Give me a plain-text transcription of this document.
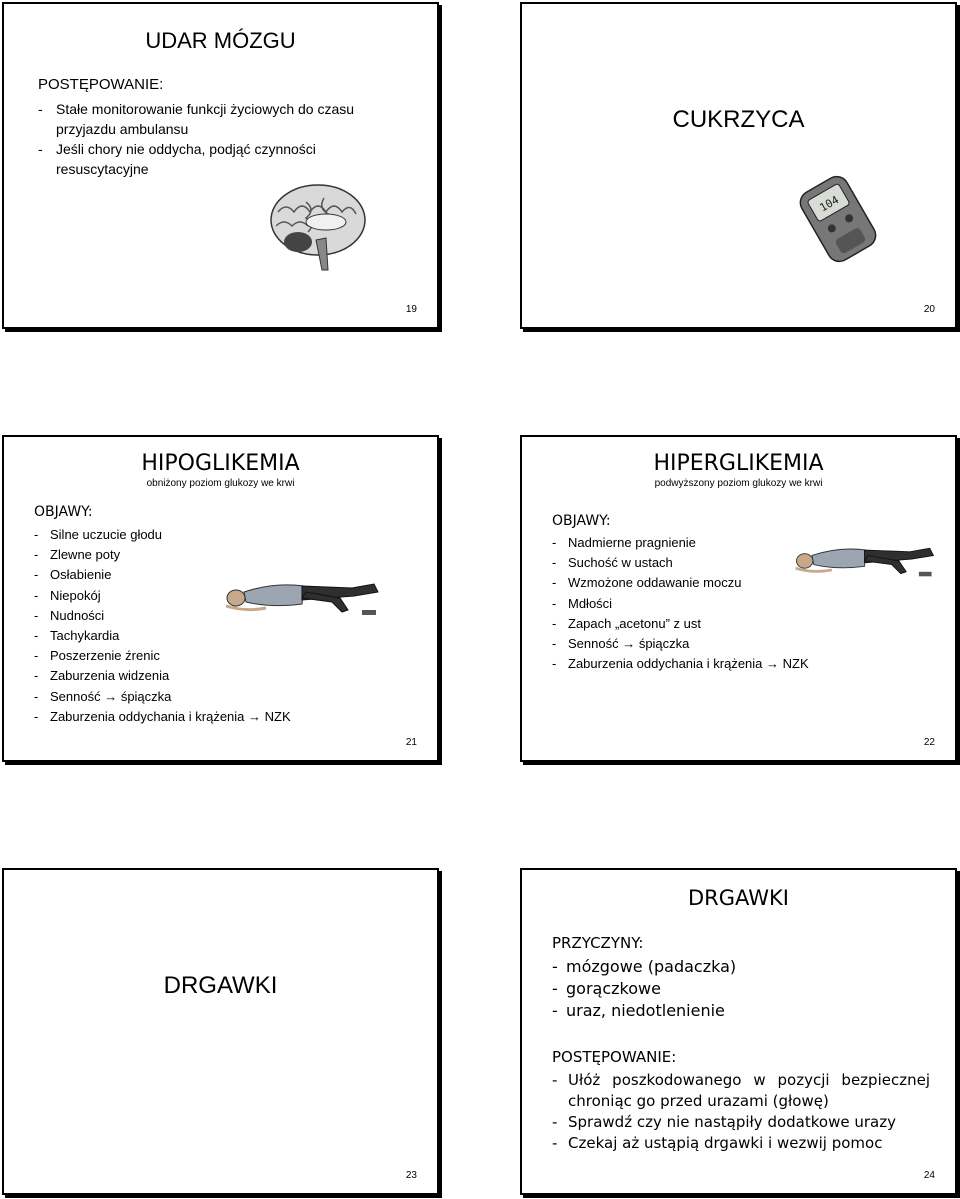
UDAR MÓZGU
POSTĘPOWANIE:
- Stałe monitorowanie funkcji życiowych do czasu przyjazdu ambulansu
- Jeśli chory nie oddycha, podjąć czynności resuscytacyjne
19
CUKRZYCA
104
20
HIPOGLIKEMIA
obniżony poziom glukozy we krwi
OBJAWY:
- Silne uczucie głodu
- Zlewne poty
- Osłabienie
- Niepokój
- Nudności
- Tachykardia
- Poszerzenie źrenic
- Zaburzenia widzenia
- Senność → śpiączka
- Zaburzenia oddychania i krążenia → NZK
21
HIPERGLIKEMIA
podwyższony poziom glukozy we krwi
OBJAWY:
- Nadmierne pragnienie
- Suchość w ustach
- Wzmożone oddawanie moczu
- Mdłości
- Zapach „acetonu” z ust
- Senność → śpiączka
- Zaburzenia oddychania i krążenia → NZK
22
DRGAWKI
23
DRGAWKI
PRZYCZYNY:
- mózgowe (padaczka)
- gorączkowe
- uraz, niedotlenienie
POSTĘPOWANIE:
- Ułóż poszkodowanego w pozycji bezpiecznej chroniąc go przed urazami (głowę)
- Sprawdź czy nie nastąpiły dodatkowe urazy
- Czekaj aż ustąpią drgawki i wezwij pomoc
24
